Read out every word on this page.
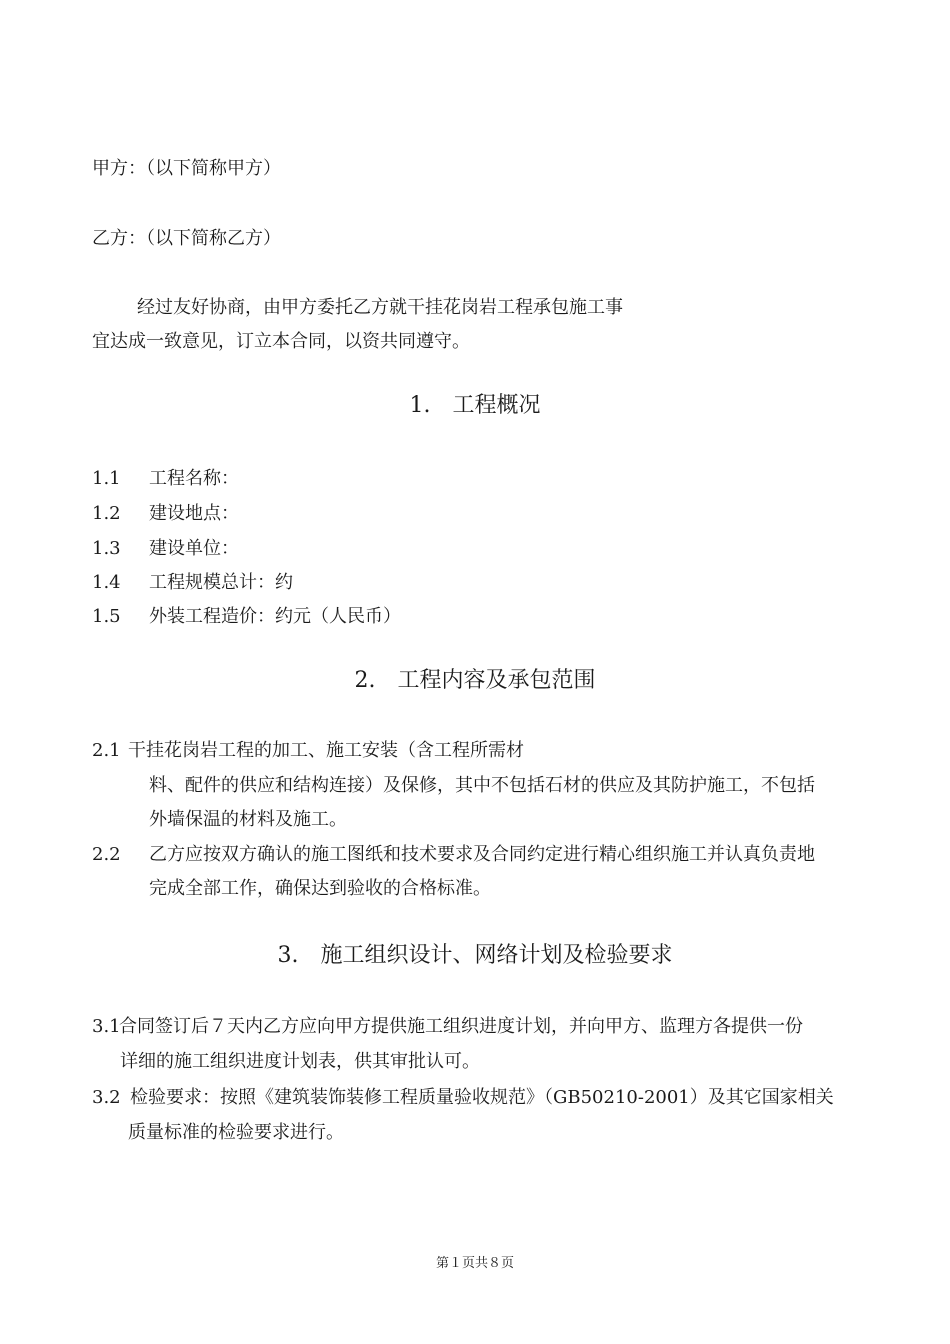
甲方：（以下简称甲方）
乙方：（以下简称乙方）
经过友好协商，由甲方委托乙方就干挂花岗岩工程承包施工事
宜达成一致意见，订立本合同，以资共同遵守。
1. 工程概况
1.1 工程名称：
1.2 建设地点：
1.3 建设单位：
1.4 工程规模总计：约
1.5 外装工程造价：约元（人民币）
2. 工程内容及承包范围
2.1 干挂花岗岩工程的加工、施工安装（含工程所需材
料、配件的供应和结构连接）及保修，其中不包括石材的供应及其防护施工，不包括
外墙保温的材料及施工。
2.2 乙方应按双方确认的施工图纸和技术要求及合同约定进行精心组织施工并认真负责地
完成全部工作，确保达到验收的合格标准。
3. 施工组织设计、网络计划及检验要求
3.1合同签订后７天内乙方应向甲方提供施工组织进度计划，并向甲方、监理方各提供一份
详细的施工组织进度计划表，供其审批认可。
3.2 检验要求：按照《建筑装饰装修工程质量验收规范》（GB50210-2001）及其它国家相关
质量标准的检验要求进行。
第１页共８页
